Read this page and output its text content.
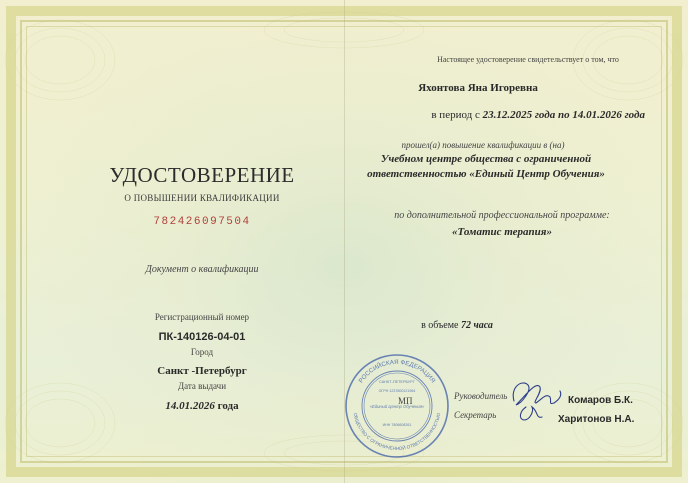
УДОСТОВЕРЕНИЕ
О ПОВЫШЕНИИ КВАЛИФИКАЦИИ
782426097504
Документ о квалификации
Регистрационный номер
ПК-140126-04-01
Город
Санкт -Петербург
Дата выдачи
14.01.2026 года
Настоящее удостоверение свидетельствует о том, что
Яхонтова Яна Игоревна
в период с 23.12.2025 года по 14.01.2026 года
прошел(а) повышение квалификации в (на)
Учебном центре общества с ограниченной
ответственностью «Единый Центр Обучения»
по дополнительной профессиональной программе:
«Томатис терапия»
в объеме 72 часа
РОССИЙСКАЯ ФЕДЕРАЦИЯ
ОБЩЕСТВО С ОГРАНИЧЕННОЙ ОТВЕТСТВЕННОСТЬЮ
САНКТ-ПЕТЕРБУРГ
ОГРН 1237800121964
«Единый Центр Обучения»
ИНН 7806608261
МП	Руководитель
Секретарь
Комаров Б.К.
Харитонов Н.А.
